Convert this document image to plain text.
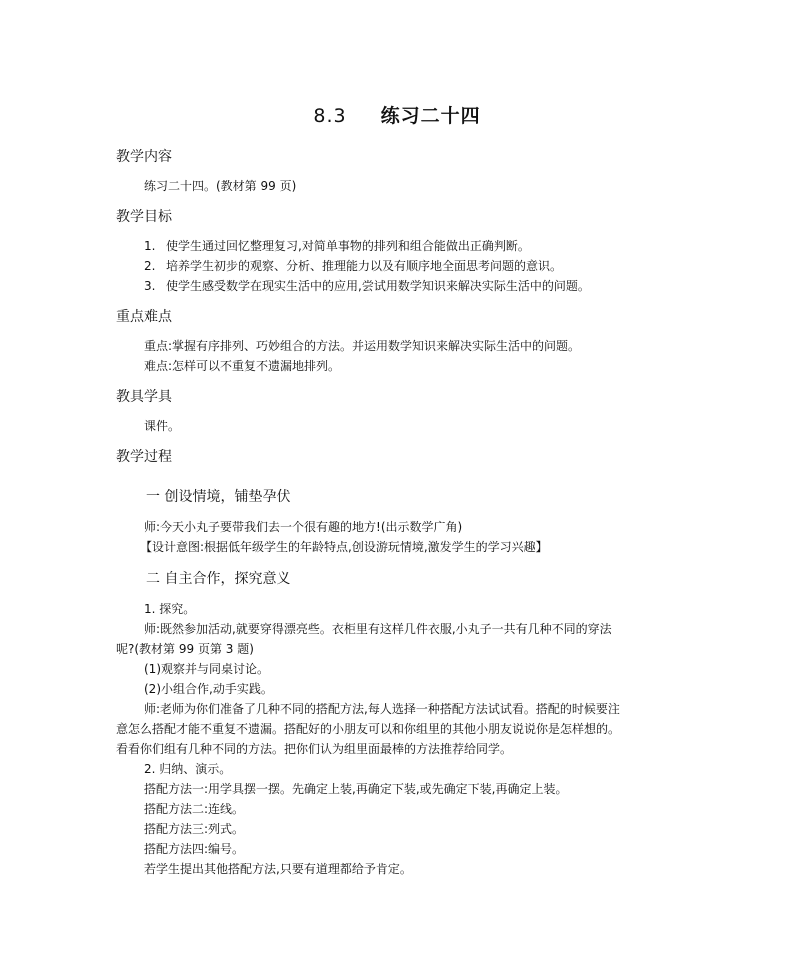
8.3 练习二十四
教学内容
练习二十四。(教材第 99 页)
教学目标
1. 使学生通过回忆整理复习,对简单事物的排列和组合能做出正确判断。
2. 培养学生初步的观察、分析、推理能力以及有顺序地全面思考问题的意识。
3. 使学生感受数学在现实生活中的应用,尝试用数学知识来解决实际生活中的问题。
重点难点
重点:掌握有序排列、巧妙组合的方法。并运用数学知识来解决实际生活中的问题。
难点:怎样可以不重复不遗漏地排列。
教具学具
课件。
教学过程
一 创设情境，铺垫孕伏
师:今天小丸子要带我们去一个很有趣的地方!(出示数学广角)
【设计意图:根据低年级学生的年龄特点,创设游玩情境,激发学生的学习兴趣】
二 自主合作，探究意义
1. 探究。
师:既然参加活动,就要穿得漂亮些。衣柜里有这样几件衣服,小丸子一共有几种不同的穿法
呢?(教材第 99 页第 3 题)
(1)观察并与同桌讨论。
(2)小组合作,动手实践。
师:老师为你们准备了几种不同的搭配方法,每人选择一种搭配方法试试看。搭配的时候要注
意怎么搭配才能不重复不遗漏。搭配好的小朋友可以和你组里的其他小朋友说说你是怎样想的。
看看你们组有几种不同的方法。把你们认为组里面最棒的方法推荐给同学。
2. 归纳、演示。
搭配方法一:用学具摆一摆。先确定上装,再确定下装,或先确定下装,再确定上装。
搭配方法二:连线。
搭配方法三:列式。
搭配方法四:编号。
若学生提出其他搭配方法,只要有道理都给予肯定。
